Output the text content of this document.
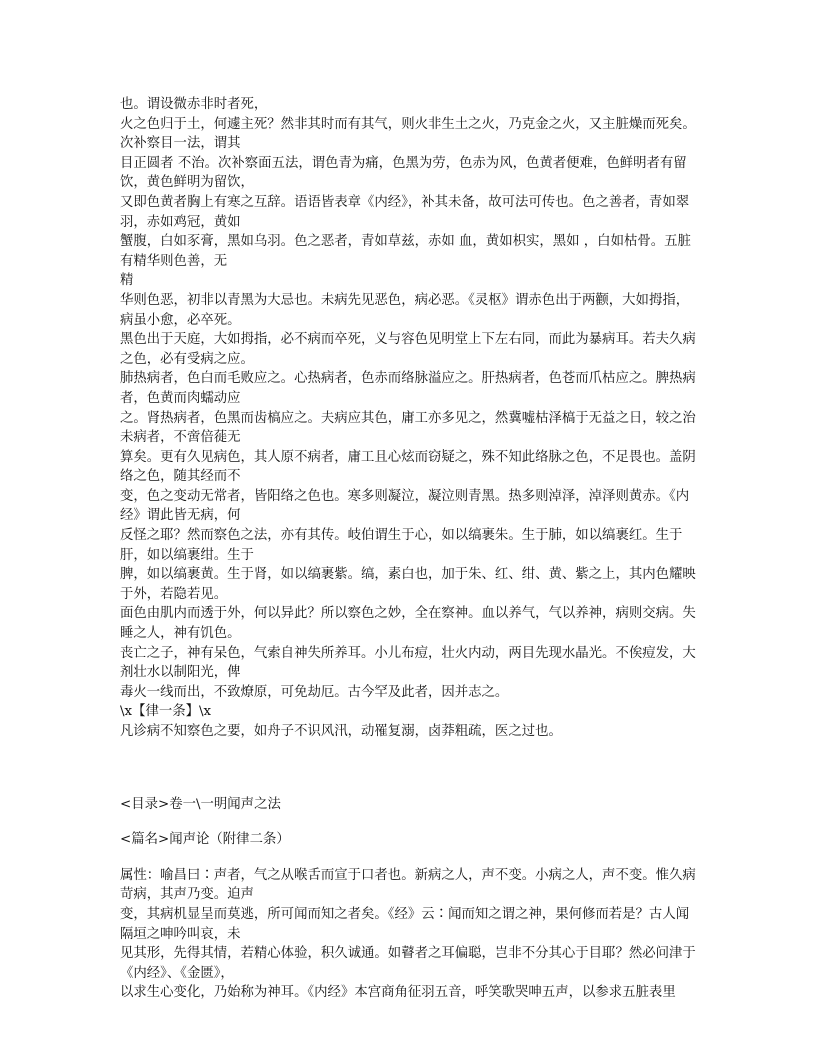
也。谓设微赤非时者死，

火之色归于土，何遽主死？然非其时而有其气，则火非生土之火，乃克金之火，又主脏燥而死矣。次补察目一法，谓其

目正圆者 不治。次补察面五法，谓色青为痛，色黑为劳，色赤为风，色黄者便难，色鲜明者有留饮，黄色鲜明为留饮，

又即色黄者胸上有寒之互辞。语语皆表章《内经》，补其未备，故可法可传也。色之善者，青如翠羽，赤如鸡冠，黄如

蟹腹，白如豕膏，黑如乌羽。色之恶者，青如草兹，赤如 血，黄如枳实，黑如 ，白如枯骨。五脏有精华则色善，无

精

华则色恶，初非以青黑为大忌也。未病先见恶色，病必恶。《灵枢》谓赤色出于两颧，大如拇指，病虽小愈，必卒死。

黑色出于天庭，大如拇指，必不病而卒死，义与容色见明堂上下左右同，而此为暴病耳。若夫久病之色，必有受病之应。

肺热病者，色白而毛败应之。心热病者，色赤而络脉溢应之。肝热病者，色苍而爪枯应之。脾热病者，色黄而肉蠕动应

之。肾热病者，色黑而齿槁应之。夫病应其色，庸工亦多见之，然冀嘘枯泽槁于无益之日，较之治未病者，不啻倍蓰无

算矣。更有久见病色，其人原不病者，庸工且心炫而窃疑之，殊不知此络脉之色，不足畏也。盖阴络之色，随其经而不

变，色之变动无常者，皆阳络之色也。寒多则凝泣，凝泣则青黑。热多则淖泽，淖泽则黄赤。《内经》谓此皆无病，何

反怪之耶？然而察色之法，亦有其传。岐伯谓生于心，如以缟裹朱。生于肺，如以缟裹红。生于肝，如以缟裹绀。生于

脾，如以缟裹黄。生于肾，如以缟裹紫。缟，素白也，加于朱、红、绀、黄、紫之上，其内色耀映于外，若隐若见。

面色由肌内而透于外，何以异此？所以察色之妙，全在察神。血以养气，气以养神，病则交病。失睡之人，神有饥色。

丧亡之子，神有呆色，气索自神失所养耳。小儿布痘，壮火内动，两目先现水晶光。不俟痘发，大剂壮水以制阳光，俾

毒火一线而出，不致燎原，可免劫厄。古今罕及此者，因并志之。

\x【律一条】\x

凡诊病不知察色之要，如舟子不识风汛，动罹复溺，卤莽粗疏，医之过也。

<目录>卷一\一明闻声之法

<篇名>闻声论（附律二条）

属性：喻昌曰∶声者，气之从喉舌而宣于口者也。新病之人，声不变。小病之人，声不变。惟久病苛病，其声乃变。迫声

变，其病机显呈而莫逃，所可闻而知之者矣。《经》云∶闻而知之谓之神，果何修而若是？古人闻隔垣之呻吟叫哀，未

见其形，先得其情，若精心体验，积久诚通。如瞽者之耳偏聪，岂非不分其心于目耶？然必问津于《内经》、《金匮》，

以求生心变化，乃始称为神耳。《内经》本宫商角征羽五音，呼笑歌哭呻五声，以参求五脏表里
